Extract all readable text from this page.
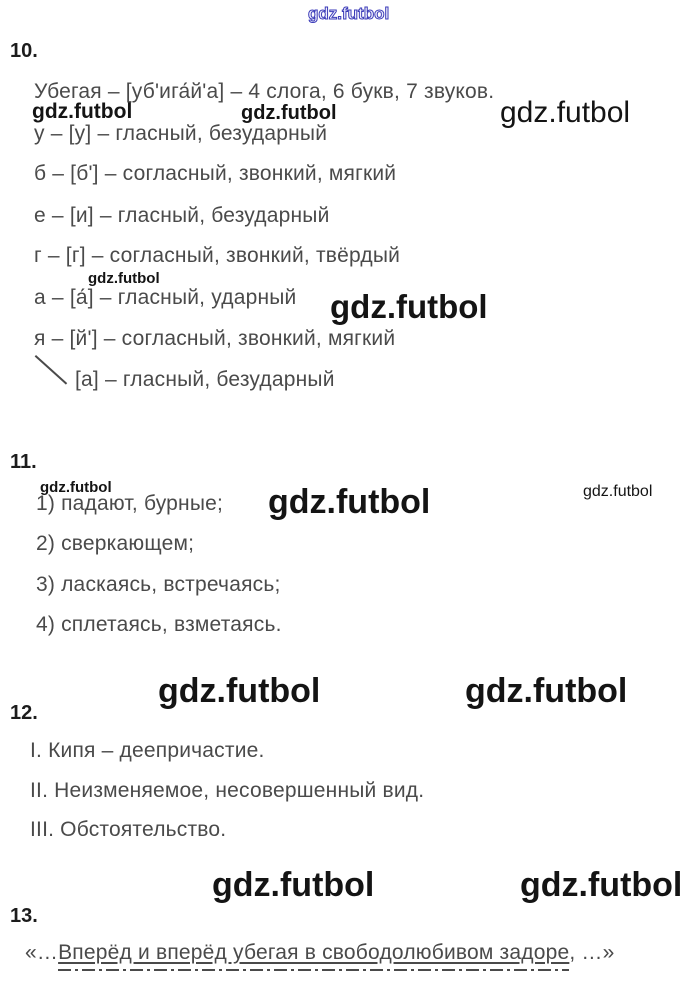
gdz.futbol
10.
Убегая – [уб'ига́й'а] – 4 слога, 6 букв, 7 звуков.
gdz.futbol	gdz.futbol	gdz.futbol
у – [у] – гласный, безударный
б – [б'] – согласный, звонкий, мягкий
е – [и] – гласный, безударный
г – [г] – согласный, звонкий, твёрдый
gdz.futbol
а – [а́] – гласный, ударный gdz.futbol
я – [й'] – согласный, звонкий, мягкий
[а] – гласный, безударный
11.
gdz.futbol	gdz.futbol	gdz.futbol
1) падают, бурные;
2) сверкающем;
3) ласкаясь, встречаясь;
4) сплетаясь, взметаясь.
gdz.futbol	gdz.futbol
12.
I. Кипя – деепричастие.
II. Неизменяемое, несовершенный вид.
III. Обстоятельство.
gdz.futbol	gdz.futbol
13.
«…Вперёд и вперёд убегая в свободолюбивом задоре, …»
